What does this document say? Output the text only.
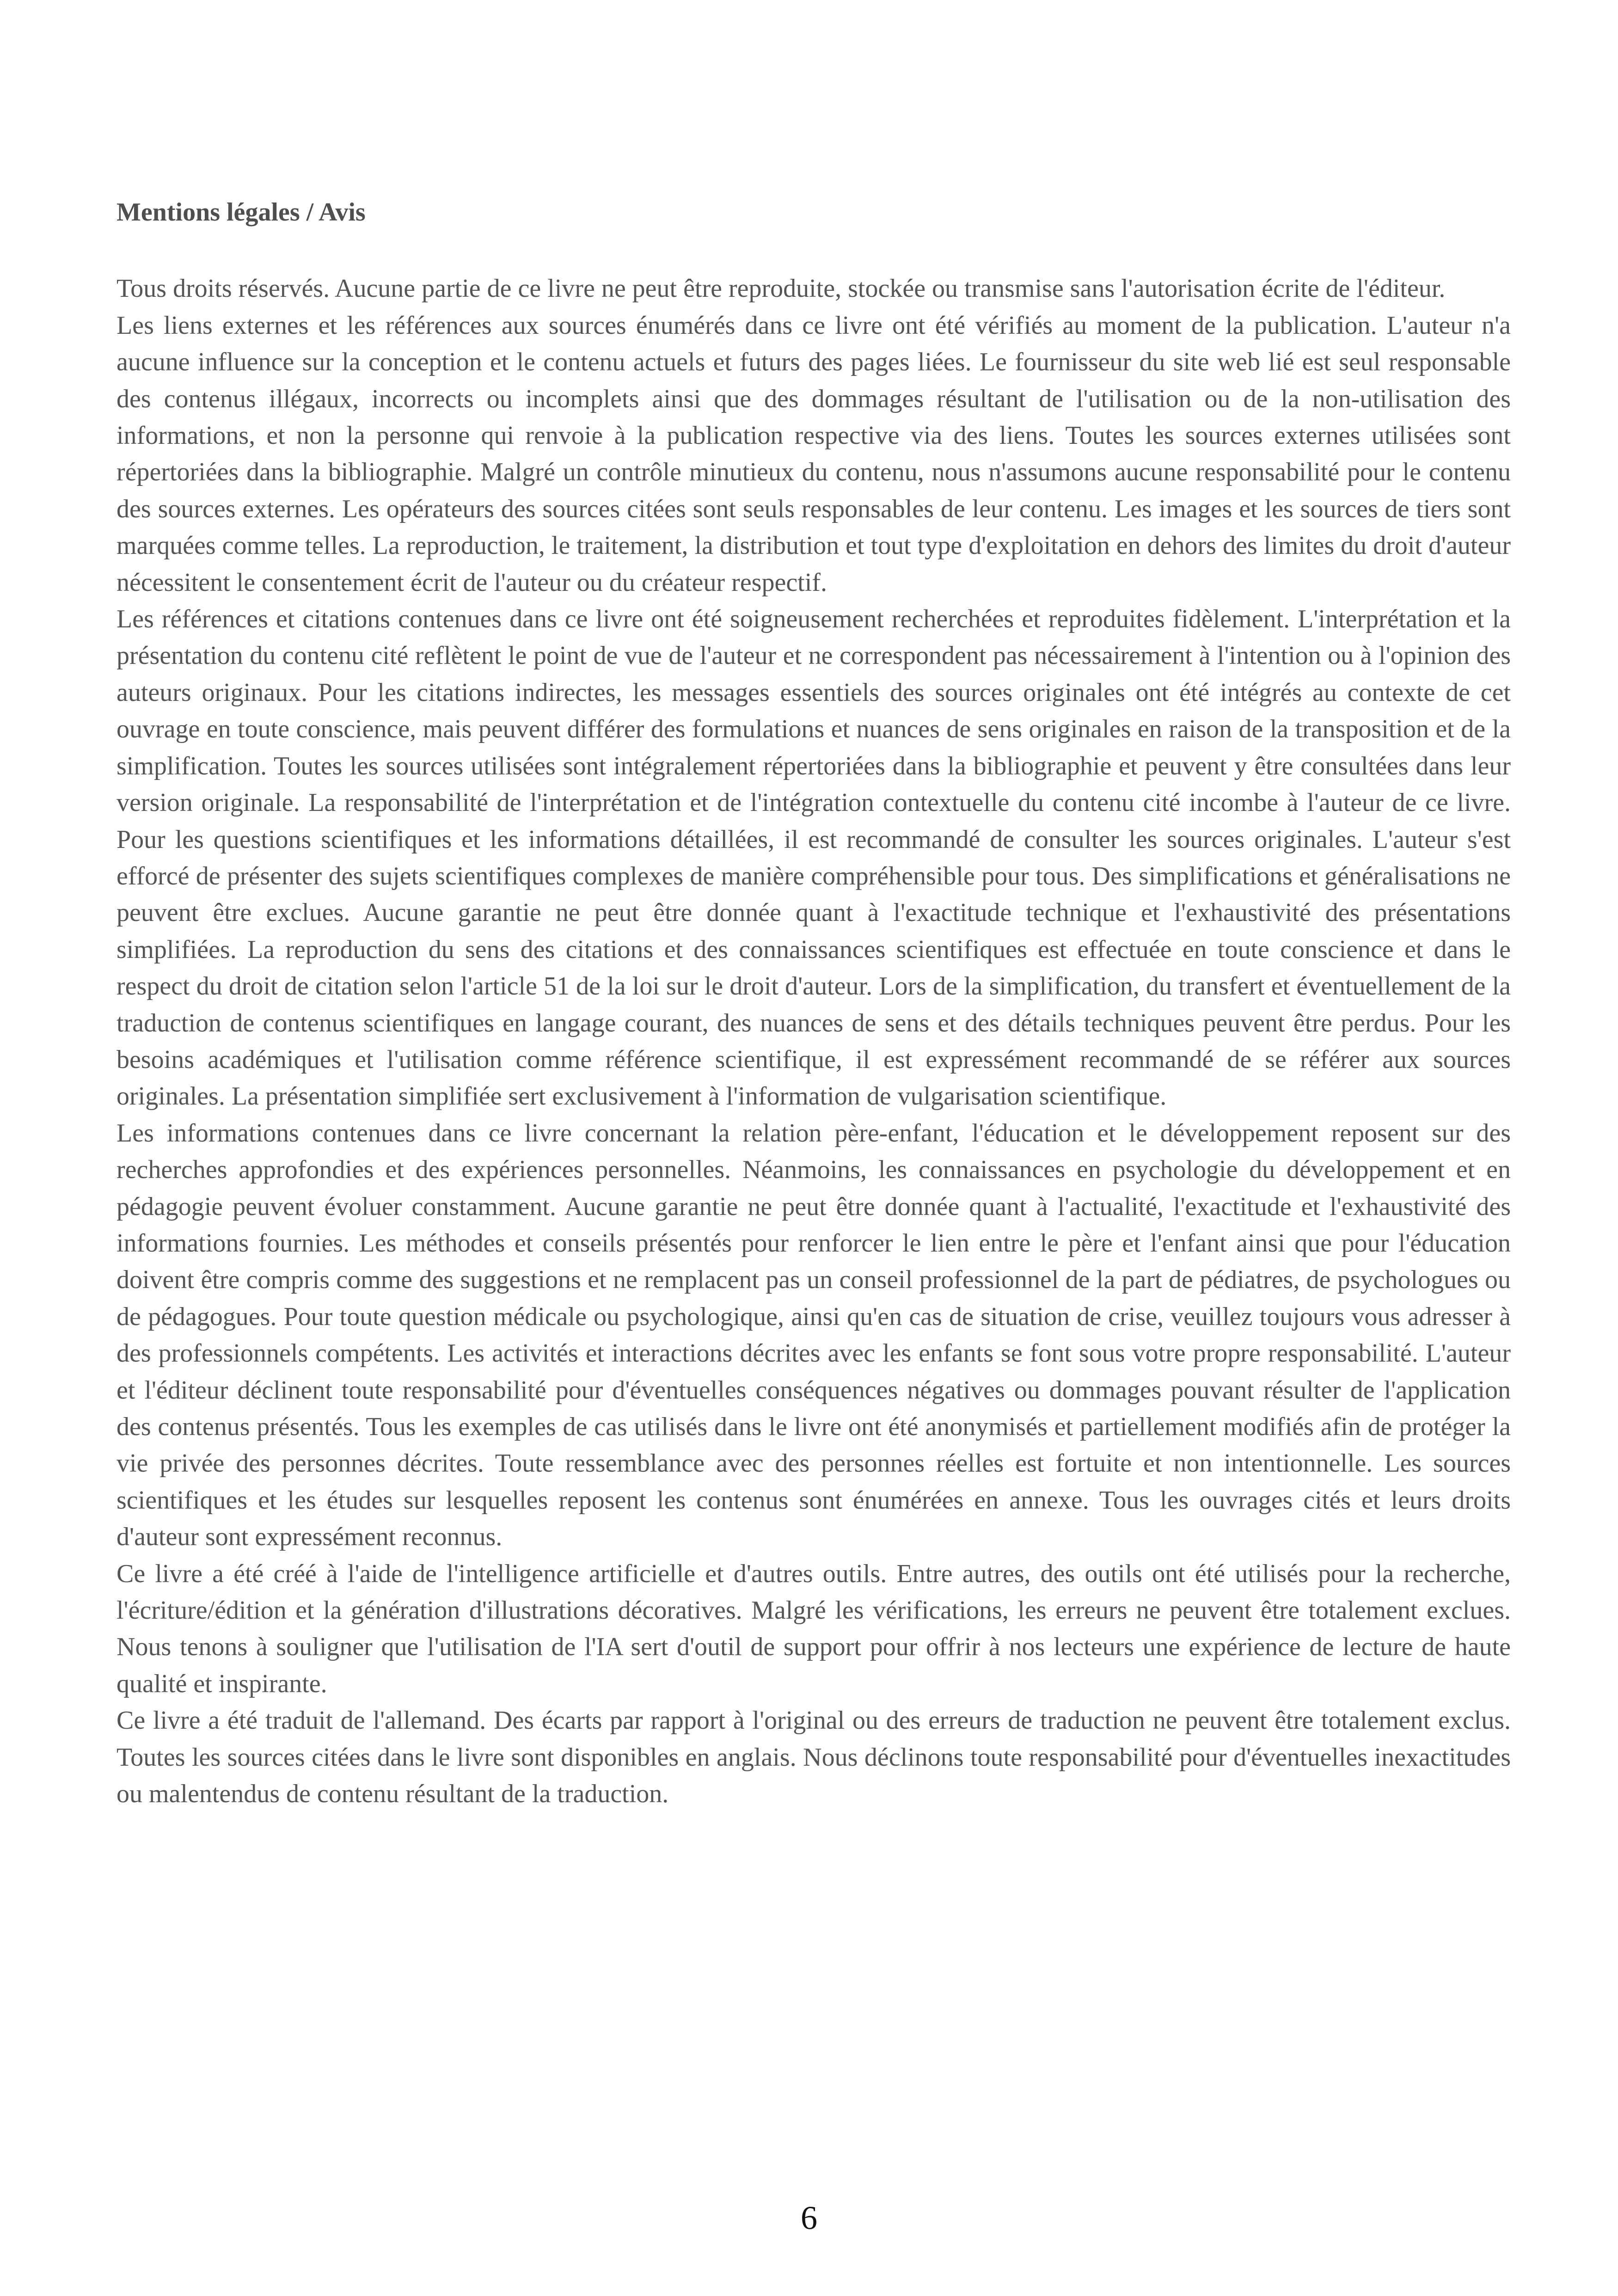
Mentions légales / Avis

Tous droits réservés. Aucune partie de ce livre ne peut être reproduite, stockée ou transmise sans l'autorisation écrite de l'éditeur.

Les liens externes et les références aux sources énumérés dans ce livre ont été vérifiés au moment de la publication. L'auteur n'a aucune influence sur la conception et le contenu actuels et futurs des pages liées. Le fournisseur du site web lié est seul responsable des contenus illégaux, incorrects ou incomplets ainsi que des dommages résultant de l'utilisation ou de la non-utilisation des informations, et non la personne qui renvoie à la publication respective via des liens. Toutes les sources externes utilisées sont répertoriées dans la bibliographie. Malgré un contrôle minutieux du contenu, nous n'assumons aucune responsabilité pour le contenu des sources externes. Les opérateurs des sources citées sont seuls responsables de leur contenu. Les images et les sources de tiers sont marquées comme telles. La reproduction, le traitement, la distribution et tout type d'exploitation en dehors des limites du droit d'auteur nécessitent le consentement écrit de l'auteur ou du créateur respectif.

Les références et citations contenues dans ce livre ont été soigneusement recherchées et reproduites fidèlement. L'interprétation et la présentation du contenu cité reflètent le point de vue de l'auteur et ne correspondent pas nécessairement à l'intention ou à l'opinion des auteurs originaux. Pour les citations indirectes, les messages essentiels des sources originales ont été intégrés au contexte de cet ouvrage en toute conscience, mais peuvent différer des formulations et nuances de sens originales en raison de la transposition et de la simplification. Toutes les sources utilisées sont intégralement répertoriées dans la bibliographie et peuvent y être consultées dans leur version originale. La responsabilité de l'interprétation et de l'intégration contextuelle du contenu cité incombe à l'auteur de ce livre. Pour les questions scientifiques et les informations détaillées, il est recommandé de consulter les sources originales. L'auteur s'est efforcé de présenter des sujets scientifiques complexes de manière compréhensible pour tous. Des simplifications et généralisations ne peuvent être exclues. Aucune garantie ne peut être donnée quant à l'exactitude technique et l'exhaustivité des présentations simplifiées. La reproduction du sens des citations et des connaissances scientifiques est effectuée en toute conscience et dans le respect du droit de citation selon l'article 51 de la loi sur le droit d'auteur. Lors de la simplification, du transfert et éventuellement de la traduction de contenus scientifiques en langage courant, des nuances de sens et des détails techniques peuvent être perdus. Pour les besoins académiques et l'utilisation comme référence scientifique, il est expressément recommandé de se référer aux sources originales. La présentation simplifiée sert exclusivement à l'information de vulgarisation scientifique.

Les informations contenues dans ce livre concernant la relation père-enfant, l'éducation et le développement reposent sur des recherches approfondies et des expériences personnelles. Néanmoins, les connaissances en psychologie du développement et en pédagogie peuvent évoluer constamment. Aucune garantie ne peut être donnée quant à l'actualité, l'exactitude et l'exhaustivité des informations fournies. Les méthodes et conseils présentés pour renforcer le lien entre le père et l'enfant ainsi que pour l'éducation doivent être compris comme des suggestions et ne remplacent pas un conseil professionnel de la part de pédiatres, de psychologues ou de pédagogues. Pour toute question médicale ou psychologique, ainsi qu'en cas de situation de crise, veuillez toujours vous adresser à des professionnels compétents. Les activités et interactions décrites avec les enfants se font sous votre propre responsabilité. L'auteur et l'éditeur déclinent toute responsabilité pour d'éventuelles conséquences négatives ou dommages pouvant résulter de l'application des contenus présentés. Tous les exemples de cas utilisés dans le livre ont été anonymisés et partiellement modifiés afin de protéger la vie privée des personnes décrites. Toute ressemblance avec des personnes réelles est fortuite et non intentionnelle. Les sources scientifiques et les études sur lesquelles reposent les contenus sont énumérées en annexe. Tous les ouvrages cités et leurs droits d'auteur sont expressément reconnus.

Ce livre a été créé à l'aide de l'intelligence artificielle et d'autres outils. Entre autres, des outils ont été utilisés pour la recherche, l'écriture/édition et la génération d'illustrations décoratives. Malgré les vérifications, les erreurs ne peuvent être totalement exclues. Nous tenons à souligner que l'utilisation de l'IA sert d'outil de support pour offrir à nos lecteurs une expérience de lecture de haute qualité et inspirante.

Ce livre a été traduit de l'allemand. Des écarts par rapport à l'original ou des erreurs de traduction ne peuvent être totalement exclus. Toutes les sources citées dans le livre sont disponibles en anglais. Nous déclinons toute responsabilité pour d'éventuelles inexactitudes ou malentendus de contenu résultant de la traduction.

6
